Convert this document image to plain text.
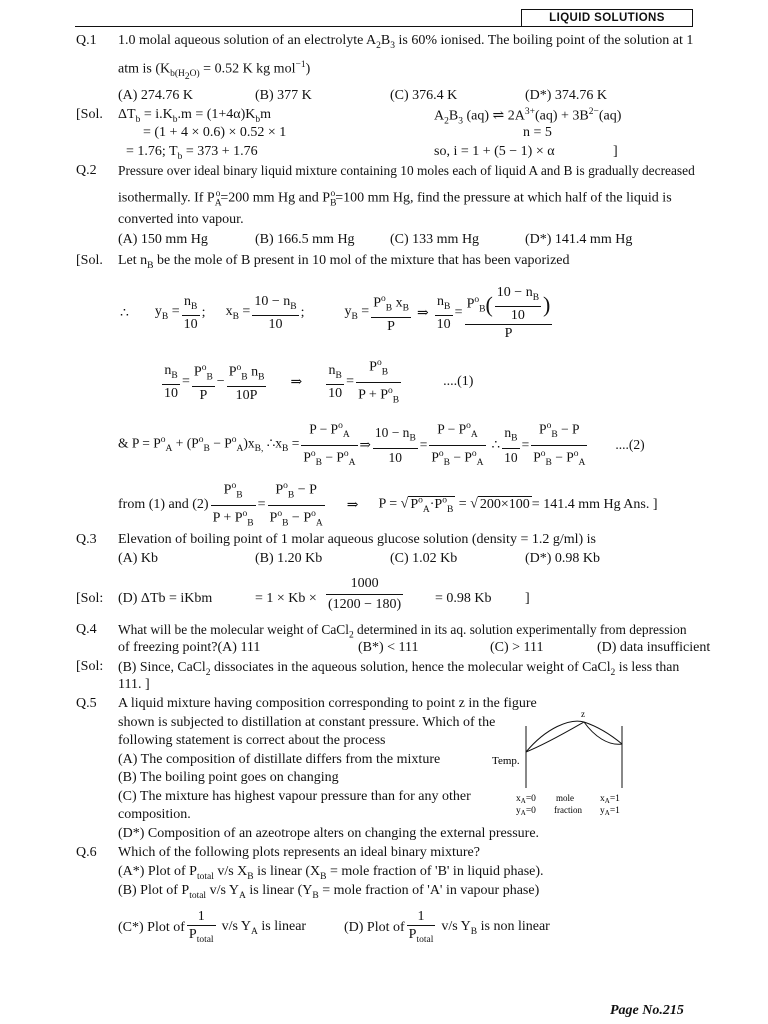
LIQUID SOLUTIONS
Q.1 1.0 molal aqueous solution of an electrolyte $A_2B_3$ is 60% ionised. The boiling point of the solution at 1
atm is ($K_{b(H_2O)} = 0.52$ K kg mol$^{-1}$)
(A) 274.76 K	(B) 377 K	(C) 376.4 K	(D*) 374.76 K
[Sol. $\Delta T_b = i.K_b.m = (1+4\alpha)K_bm$
= (1 + 4 × 0.6) × 0.52 × 1
= 1.76; $T_b = 373 + 1.76$
$A_2B_3$ (aq) ⇌ $2A^{3+}(aq) + 3B^{2-}(aq)$
n = 5
so, i = 1 + (5 − 1) × α	]
Q.2 Pressure over ideal binary liquid mixture containing 10 moles each of liquid A and B is gradually decreased
isothermally. If $P_A^o=200$ mm Hg and $P_B^o=100$ mm Hg, find the pressure at which half of the liquid is
converted into vapour.
(A) 150 mm Hg	(B) 166.5 mm Hg	(C) 133 mm Hg	(D*) 141.4 mm Hg
[Sol. Let $n_B$ be the mole of B present in 10 mol of the mixture that has been vaporized
∴ $y_B = \frac{n_B}{10}$ ; $x_B = \frac{10 - n_B}{10}$ ;	$y_B = \frac{P^o_B x_B}{P}$ ⇒ $\frac{n_B}{10} = \frac{P^o_B( \frac{10 - n_B}{10} )}{P}$
$\frac{n_B}{10} = \frac{P^o_B}{P} - \frac{P^o_B n_B}{10P}$ ⇒ $\frac{n_B}{10} = \frac{P^o_B}{P + P^o_B}$	....(1)
& $P = P^o_A + (P^o_B - P^o_A)x_{B,}$ $\therefore x_B = \frac{P - P^o_A}{P^o_B - P^o_A}$ ⇒ $\frac{10 - n_B}{10} = \frac{P - P^o_A}{P^o_B - P^o_A}$ ∴ $\frac{n_B}{10} = \frac{P^o_B - P}{P^o_B - P^o_A} ....(2)$
from (1) and $(2) \frac{P^o_B}{P + P^o_B} = \frac{P^o_B - P}{P^o_B - P^o_A}$ ⇒ P = √ $P^o_A\cdot P^o_B$ = √ 200×100 = 141.4 mm Hg Ans. ]
Q.3 Elevation of boiling point of 1 molar aqueous glucose solution (density = 1.2 g/ml) is
(A) Kb	(B) 1.20 Kb	(C) 1.02 Kb	(D*) 0.98 Kb
[Sol: (D) ΔTb = iKbm	= 1 × Kb ×
1000
(1200 − 180) = 0.98 Kb ]
Q.4 What will be the molecular weight of CaCl$_2$ determined in its aq. solution experimentally from depression
of freezing point?(A) 111	(B*) < 111	(C) > 111	(D) data insufficient
[Sol: (B) Since, CaCl$_2$ dissociates in the aqueous solution, hence the molecular weight of CaCl$_2$ is less than
111. ]
Q.5 A liquid mixture having composition corresponding to point z in the figure
shown is subjected to distillation at constant pressure. Which of the
following statement is correct about the process
(A) The composition of distillate differs from the mixture
(B) The boiling point goes on changing
(C) The mixture has highest vapour pressure than for any other
composition.
(D*) Composition of an azeotrope alters on changing the external pressure.
z
Temp.
$x_A=0$
$y_A=0$
mole
fraction
$x_A=1$
$y_A=1$
Q.6 Which of the following plots represents an ideal binary mixture?
(A*) Plot of $P_{total}$ v/s $X_B$ is linear ($X_B$ = mole fraction of 'B' in liquid phase).
(B) Plot of $P_{total}$ v/s $Y_A$ is linear ($Y_B$ = mole fraction of 'A' in vapour phase)
(C*) Plot of $\frac{1}{P_{total}} v/s$ $Y_A$ is linear	(D) Plot of $\frac{1}{P_{total}} v/s$ $Y_B$ is non linear
Page No.215
